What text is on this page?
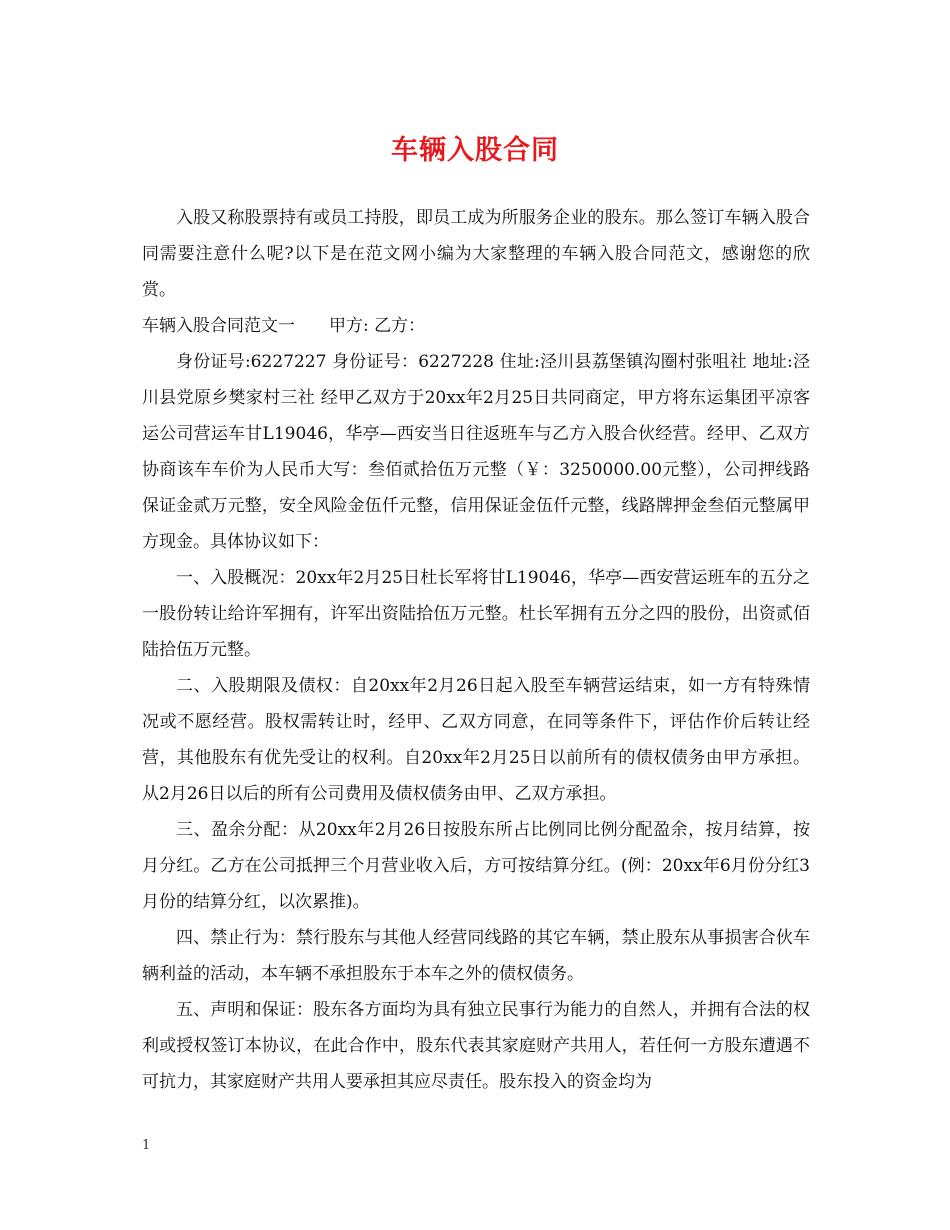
车辆入股合同

入股又称股票持有或员工持股，即员工成为所服务企业的股东。那么签订车辆入股合同需要注意什么呢?以下是在范文网小编为大家整理的车辆入股合同范文，感谢您的欣赏。

车辆入股合同范文一　　甲方: 乙方：

身份证号:6227227 身份证号：6227228 住址:泾川县荔堡镇沟圈村张咀社 地址:泾川县党原乡樊家村三社 经甲乙双方于20xx年2月25日共同商定，甲方将东运集团平凉客运公司营运车甘L19046，华亭—西安当日往返班车与乙方入股合伙经营。经甲、乙双方协商该车车价为人民币大写：叁佰贰拾伍万元整（￥：3250000.00元整），公司押线路保证金贰万元整，安全风险金伍仟元整，信用保证金伍仟元整，线路牌押金叁佰元整属甲方现金。具体协议如下：

一、入股概况：20xx年2月25日杜长军将甘L19046，华亭—西安营运班车的五分之一股份转让给许军拥有，许军出资陆拾伍万元整。杜长军拥有五分之四的股份，出资贰佰陆拾伍万元整。

二、入股期限及债权：自20xx年2月26日起入股至车辆营运结束，如一方有特殊情况或不愿经营。股权需转让时，经甲、乙双方同意，在同等条件下，评估作价后转让经营，其他股东有优先受让的权利。自20xx年2月25日以前所有的债权债务由甲方承担。从2月26日以后的所有公司费用及债权债务由甲、乙双方承担。

三、盈余分配：从20xx年2月26日按股东所占比例同比例分配盈余，按月结算，按月分红。乙方在公司抵押三个月营业收入后，方可按结算分红。(例：20xx年6月份分红3月份的结算分红，以次累推)。

四、禁止行为：禁行股东与其他人经营同线路的其它车辆，禁止股东从事损害合伙车辆利益的活动，本车辆不承担股东于本车之外的债权债务。

五、声明和保证：股东各方面均为具有独立民事行为能力的自然人，并拥有合法的权利或授权签订本协议，在此合作中，股东代表其家庭财产共用人，若任何一方股东遭遇不可抗力，其家庭财产共用人要承担其应尽责任。股东投入的资金均为

1
